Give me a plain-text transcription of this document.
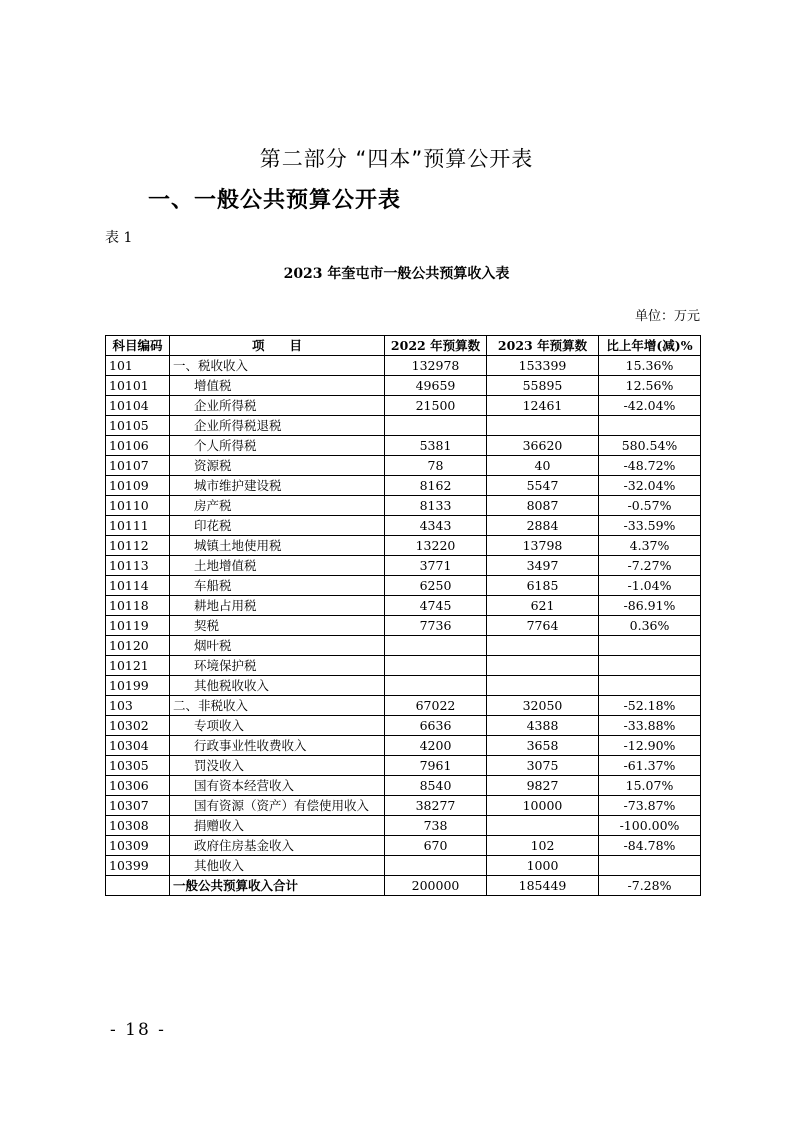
第二部分 “四本”预算公开表
一、一般公共预算公开表
表 1
2023 年奎屯市一般公共预算收入表
单位：万元
科目编码	项　　目	2022 年预算数	2023 年预算数	比上年增(减)%
101	一、税收收入	132978	153399	15.36%
10101	增值税	49659	55895	12.56%
10104	企业所得税	21500	12461	-42.04%
10105	企业所得税退税			
10106	个人所得税	5381	36620	580.54%
10107	资源税	78	40	-48.72%
10109	城市维护建设税	8162	5547	-32.04%
10110	房产税	8133	8087	-0.57%
10111	印花税	4343	2884	-33.59%
10112	城镇土地使用税	13220	13798	4.37%
10113	土地增值税	3771	3497	-7.27%
10114	车船税	6250	6185	-1.04%
10118	耕地占用税	4745	621	-86.91%
10119	契税	7736	7764	0.36%
10120	烟叶税			
10121	环境保护税			
10199	其他税收收入			
103	二、非税收入	67022	32050	-52.18%
10302	专项收入	6636	4388	-33.88%
10304	行政事业性收费收入	4200	3658	-12.90%
10305	罚没收入	7961	3075	-61.37%
10306	国有资本经营收入	8540	9827	15.07%
10307	国有资源（资产）有偿使用收入	38277	10000	-73.87%
10308	捐赠收入	738		-100.00%
10309	政府住房基金收入	670	102	-84.78%
10399	其他收入		1000	
	一般公共预算收入合计	200000	185449	-7.28%
- 18 -
